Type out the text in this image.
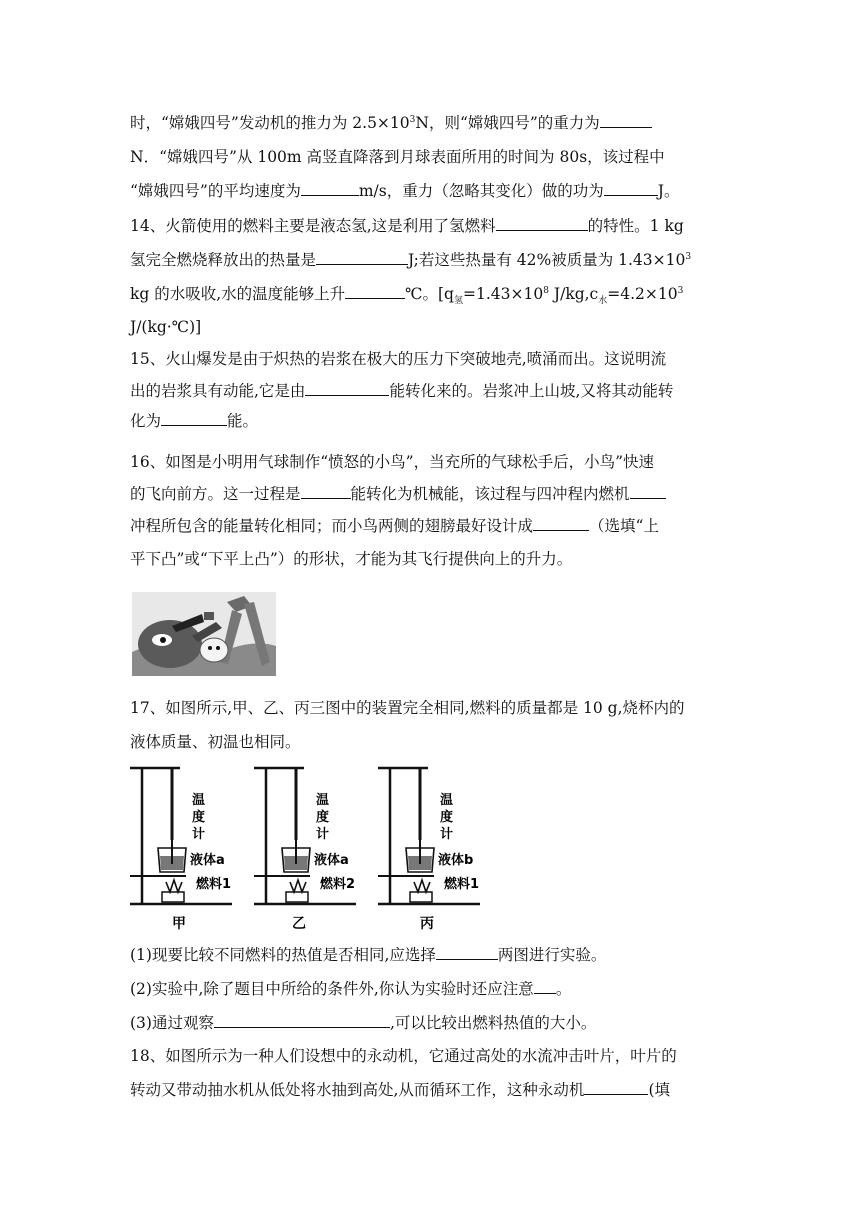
时，“嫦娥四号”发动机的推力为 $2.5\times 10^3N$，则“嫦娥四号”的重力为
N．“嫦娥四号”从 100m 高竖直降落到月球表面所用的时间为 80s，该过程中
“嫦娥四号”的平均速度为	m/s，重力（忽略其变化）做的功为	J。
14、火箭使用的燃料主要是液态氢,这是利用了氢燃料	的特性。1 kg
氢完全燃烧释放出的热量是	J;若这些热量有 42%被质量为 $1.43\times 10^3$
kg 的水吸收,水的温度能够上升	℃。[$q_氢=1.43\times 10^8$ $J/kg,c_水=4.2\times 10^3$
J/(kg·℃)]
15、火山爆发是由于炽热的岩浆在极大的压力下突破地壳,喷涌而出。这说明流
出的岩浆具有动能,它是由	能转化来的。岩浆冲上山坡,又将其动能转
化为	能。
16、如图是小明用气球制作“愤怒的小鸟”，当充所的气球松手后，小鸟”快速
的飞向前方。这一过程是	能转化为机械能，该过程与四冲程内燃机
冲程所包含的能量转化相同；而小鸟两侧的翅膀最好设计成	（选填“上
平下凸”或“下平上凸”）的形状，才能为其飞行提供向上的升力。
17、如图所示,甲、乙、丙三图中的装置完全相同,燃料的质量都是 10 g,烧杯内的
液体质量、初温也相同。
温
度
计
液体a
燃料1
甲
温
度
计
液体a
燃料2
乙
温
度
计
液体b
燃料1
丙
(1)现要比较不同燃料的热值是否相同,应选择	两图进行实验。
(2)实验中,除了题目中所给的条件外,你认为实验时还应注意 。
(3)通过观察	,可以比较出燃料热值的大小。
18、如图所示为一种人们设想中的永动机，它通过高处的水流冲击叶片，叶片的
转动又带动抽水机从低处将水抽到高处,从而循环工作，这种永动机	(填
